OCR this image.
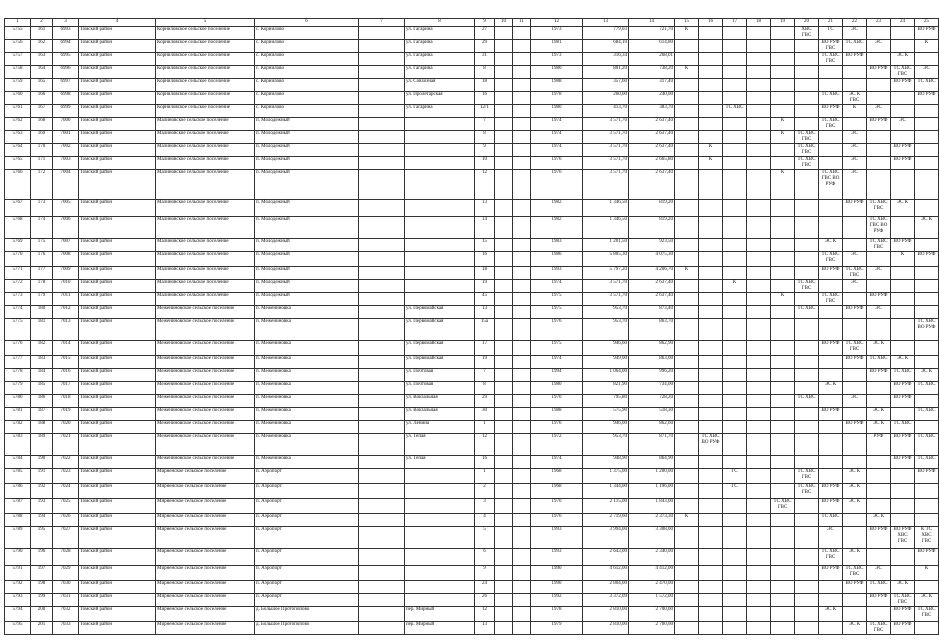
1	2	3	4	5	6	7	8	9	10	11	12	13	14	15	16	17	18	19	20	21	22	23	24	25
5755	161	6993	Томский район	Корниловское сельское поселение	с. Корнилово		ул. Гагарина	27			1973	779,03	721,70	К					ХВС ГВС	ТС	ЭС			ВО РУФ
5756	162	6994	Томский район	Корниловское сельское поселение	с. Корнилово		ул. Гагарина	29			1981	684,10	614,80							ВО РУФ ГВС	ТС ХВС	ЭС		К
5757	163	6995	Томский район	Корниловское сельское поселение	с. Корнилово		ул. Гагарина	31			1973	316,34	268,01							ТС ХВС ГВС	ВО РУФ		ЭС К	
5758	164	6996	Томский район	Корниловское сельское поселение	с. Корнилово		ул. Гагарина	8			1980	801,20	738,20	К								ВО РУФ	ТС ХВС ГВС	ЭС
5759	165	6997	Томский район	Корниловское сельское поселение	с. Корнилово		ул. Совхозная	18			1988	357,60	317,40										ВО РУФ	ТС ХВС
5760	166	6998	Томский район	Корниловское сельское поселение	с. Корнилово		ул. Пролетарская	16			1978	260,00	240,00							ТС ХВС	ЭС К ГВС			ВО РУФ
5761	167	6999	Томский район	Корниловское сельское поселение	с. Корнилово		ул. Гагарина	12/1			1980	413,70	383,70			ТС ХВС				ВО РУФ	К	ЭС		
5762	168	7000	Томский район	Малиновское сельское поселение	п. Молодежный			7			1974	3 571,70	2 637,40					К		ТС ХВС ГВС		ВО РУФ	ЭС	
5763	169	7001	Томский район	Малиновское сельское поселение	п. Молодежный			8			1974	3 571,70	2 637,40					К	ТС ХВС ГВС		ЭС			
5764	170	7002	Томский район	Малиновское сельское поселение	п. Молодежный			9			1974	3 571,70	2 637,40		К				ТС ХВС ГВС		ЭС		ВО РУФ	
5765	171	7003	Томский район	Малиновское сельское поселение	п. Молодежный			10			1976	3 571,70	2 665,80		К				ТС ХВС ГВС		ЭС		ВО РУФ	
5766	172	7004	Томский район	Малиновское сельское поселение	п. Молодежный			12			1976	3 571,70	2 637,40					К		ТС ХВС ГВС ВО РУФ	ЭС			
5767	173	7005	Томский район	Малиновское сельское поселение	п. Молодежный			13			1982	1 346,50	819,20								ВО РУФ	ТС ХВС ГВС	ЭС К	
5768	174	7006	Томский район	Малиновское сельское поселение	п. Молодежный			14			1982	1 346,50	819,20									ТС ХВС ГВС ВО РУФ		ЭС К
5769	175	7007	Томский район	Малиновское сельское поселение	п. Молодежный			15			1983	1 201,50	923,50							ЭС К		ТС ХВС ГВС	ВО РУФ	
5770	176	7008	Томский район	Малиновское сельское поселение	п. Молодежный			16			1986	5 805,30	4 075,30							ТС ХВС ГВС	ЭС		К	ВО РУФ
5771	177	7009	Томский район	Малиновское сельское поселение	п. Молодежный			18			1993	5 797,20	4 206,70	К						ВО РУФ	ТС ХВС ГВС	ЭС		
5772	178	7010	Томский район	Малиновское сельское поселение	п. Молодежный			19			1974	3 571,70	2 637,40			К			ТС ХВС ГВС		ЭС			
5773	179	7011	Томский район	Малиновское сельское поселение	п. Молодежный			45			1975	3 571,70	2 637,40					К		ТС ХВС ГВС		ВО РУФ		
5774	180	7012	Томский район	Межениновское сельское поселение	п. Межениновка		ул. Первомайская	13			1975	953,70	873,40						ТС ХВС		ВО РУФ	ЭС		
5775	181	7013	Томский район	Межениновское сельское поселение	п. Межениновка		ул. Первомайская	15а			1976	953,70	863,70											ТС ХВС ВО РУФ
5776	182	7014	Томский район	Межениновское сельское поселение	п. Межениновка		ул. Первомайская	17			1975	946,60	862,90							ВО РУФ	ТС ХВС ГВС	ЭС К		
5777	183	7015	Томский район	Межениновское сельское поселение	п. Межениновка		ул. Первомайская	19			1974	949,00	863,00								ВО РУФ	ТС ХВС	ЭС К	
5778	184	7016	Томский район	Межениновское сельское поселение	п. Межениновка		ул. Почтовая	7			1994	1 064,00	996,20									ВО РУФ	ТС ХВС	ЭС К
5779	185	7017	Томский район	Межениновское сельское поселение	п. Межениновка		ул. Почтовая	8			1980	821,90	734,00							ЭС К			ВО РУФ	ТС ХВС
5780	186	7018	Томский район	Межениновское сельское поселение	п. Межениновка		ул. Вокзальная	29			1970	795,80	728,20						ТС ХВС		ЭС		ВО РУФ	
5781	187	7019	Томский район	Межениновское сельское поселение	п. Межениновка		ул. Вокзальная	30			1988	575,90	518,30							ВО РУФ		ЭС К		ТС ХВС
5782	188	7020	Томский район	Межениновское сельское поселение	п. Межениновка		ул. Ленина	1			1976	946,00	862,60								ВО РУФ	ЭС К	ТС ХВС	
5783	189	7021	Томский район	Межениновское сельское поселение	п. Межениновка		ул. Тепая	12			1972	953,70	871,70		ТС ХВС ВО РУФ							РУФ	ВО РУФ	ТС ХВС
5784	190	7022	Томский район	Межениновское сельское поселение	п. Межениновка		ул. Тепая	16			1974	948,90	864,90										ВО РУФ	ТС ХВС
5785	191	7023	Томский район	Мирненское сельское поселение	п. Аэропорт			1			1968	1 375,00	1 200,00			ГС			ТС ХВС ГВС		ЭС К			ВО РУФ
5786	192	7024	Томский район	Мирненское сельское поселение	п. Аэропорт			2			1968	1 344,00	1 196,00			ГС			ТС ХВС ГВС	ВО РУФ	ЭС К			
5787	193	7025	Томский район	Мирненское сельское поселение	п. Аэропорт			3			1970	2 115,00	1 843,00					ТС ХВС ГВС		ВО РУФ	ЭС К			
5788	194	7026	Томский район	Мирненское сельское поселение	п. Аэропорт			4			1976	2 719,60	2 373,30	К						ТС ХВС		ЭС К		
5789	195	7027	Томский район	Мирненское сельское поселение	п. Аэропорт			5			1993	3 994,00	3 308,00							ЭС		ВО РУФ	ВО РУФ ХВС ГВС	К ТС ХВС ГВС
5790	196	7028	Томский район	Мирненское сельское поселение	п. Аэропорт			6			1993	2 643,00	2 340,00							ТС ХВС ГВС	ЭС К			ВО РУФ
5791	197	7029	Томский район	Мирненское сельское поселение	п. Аэропорт			9			1990	4 612,00	4 412,00							ВО РУФ	ТС ХВС ГВС	ЭС		К
5792	198	7030	Томский район	Мирненское сельское поселение	п. Аэропорт			24			1990	2 804,00	2 470,00								ВО РУФ	ТС ХВС	ЭС К	
5793	199	7031	Томский район	Мирненское сельское поселение	п. Аэропорт			26			1992	3 372,09	1 572,00									ВО РУФ	ТС ХВС ГВС	ЭС К
5794	200	7032	Томский район	Мирненское сельское поселение	д. Большое Протопопово		пер. Мирный	12			1978	2 810,00	2 700,00							ЭС К			ВО РУФ	ТС ХВС ГВС
5795	201	7033	Томский район	Мирненское сельское поселение	д. Большое Протопопово		пер. Мирный	13			1979	2 810,00	2 700,00								ЭС К	ТС ХВС ГВС	ВО РУФ	
